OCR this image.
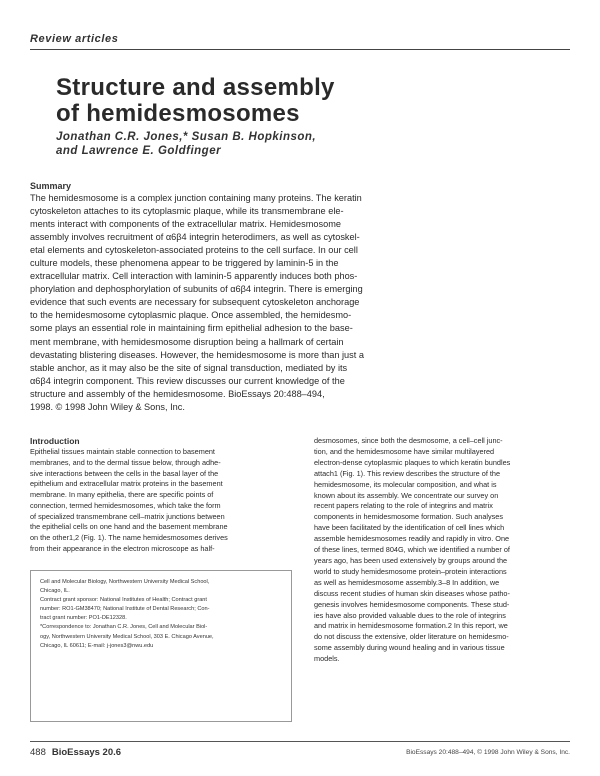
Review articles
Structure and assembly
of hemidesmosomes
Jonathan C.R. Jones,* Susan B. Hopkinson,
and Lawrence E. Goldfinger
Summary
The hemidesmosome is a complex junction containing many proteins. The keratin
cytoskeleton attaches to its cytoplasmic plaque, while its transmembrane ele-
ments interact with components of the extracellular matrix. Hemidesmosome
assembly involves recruitment of α6β4 integrin heterodimers, as well as cytoskel-
etal elements and cytoskeleton-associated proteins to the cell surface. In our cell
culture models, these phenomena appear to be triggered by laminin-5 in the
extracellular matrix. Cell interaction with laminin-5 apparently induces both phos-
phorylation and dephosphorylation of subunits of α6β4 integrin. There is emerging
evidence that such events are necessary for subsequent cytoskeleton anchorage
to the hemidesmosome cytoplasmic plaque. Once assembled, the hemidesmo-
some plays an essential role in maintaining firm epithelial adhesion to the base-
ment membrane, with hemidesmosome disruption being a hallmark of certain
devastating blistering diseases. However, the hemidesmosome is more than just a
stable anchor, as it may also be the site of signal transduction, mediated by its
α6β4 integrin component. This review discusses our current knowledge of the
structure and assembly of the hemidesmosome. BioEssays 20:488–494,
1998. © 1998 John Wiley & Sons, Inc.
Introduction
Epithelial tissues maintain stable connection to basement
membranes, and to the dermal tissue below, through adhe-
sive interactions between the cells in the basal layer of the
epithelium and extracellular matrix proteins in the basement
membrane. In many epithelia, there are specific points of
connection, termed hemidesmosomes, which take the form
of specialized transmembrane cell–matrix junctions between
the epithelial cells on one hand and the basement membrane
on the other1,2 (Fig. 1). The name hemidesmosomes derives
from their appearance in the electron microscope as half-
desmosomes, since both the desmosome, a cell–cell junc-
tion, and the hemidesmosome have similar multilayered
electron-dense cytoplasmic plaques to which keratin bundles
attach1 (Fig. 1). This review describes the structure of the
hemidesmosome, its molecular composition, and what is
known about its assembly. We concentrate our survey on
recent papers relating to the role of integrins and matrix
components in hemidesmosome formation. Such analyses
have been facilitated by the identification of cell lines which
assemble hemidesmosomes readily and rapidly in vitro. One
of these lines, termed 804G, which we identified a number of
years ago, has been used extensively by groups around the
world to study hemidesmosome protein–protein interactions
as well as hemidesmosome assembly.3–8 In addition, we
discuss recent studies of human skin diseases whose patho-
genesis involves hemidesmosome components. These stud-
ies have also provided valuable dues to the role of integrins
and matrix in hemidesmosome formation.2 In this report, we
do not discuss the extensive, older literature on hemidesmo-
some assembly during wound healing and in various tissue
models.
Cell and Molecular Biology, Northwestern University Medical School,
Chicago, IL.
Contract grant sponsor: National Institutes of Health; Contract grant
number: RO1-GM38470; National Institute of Dental Research; Con-
tract grant number: PO1-DE12328.
*Correspondence to: Jonathan C.R. Jones, Cell and Molecular Biol-
ogy, Northwestern University Medical School, 303 E. Chicago Avenue,
Chicago, IL 60611; E-mail: j-jones3@nwu.edu
488 BioEssays 20.6	BioEssays 20:488–494, © 1998 John Wiley & Sons, Inc.
